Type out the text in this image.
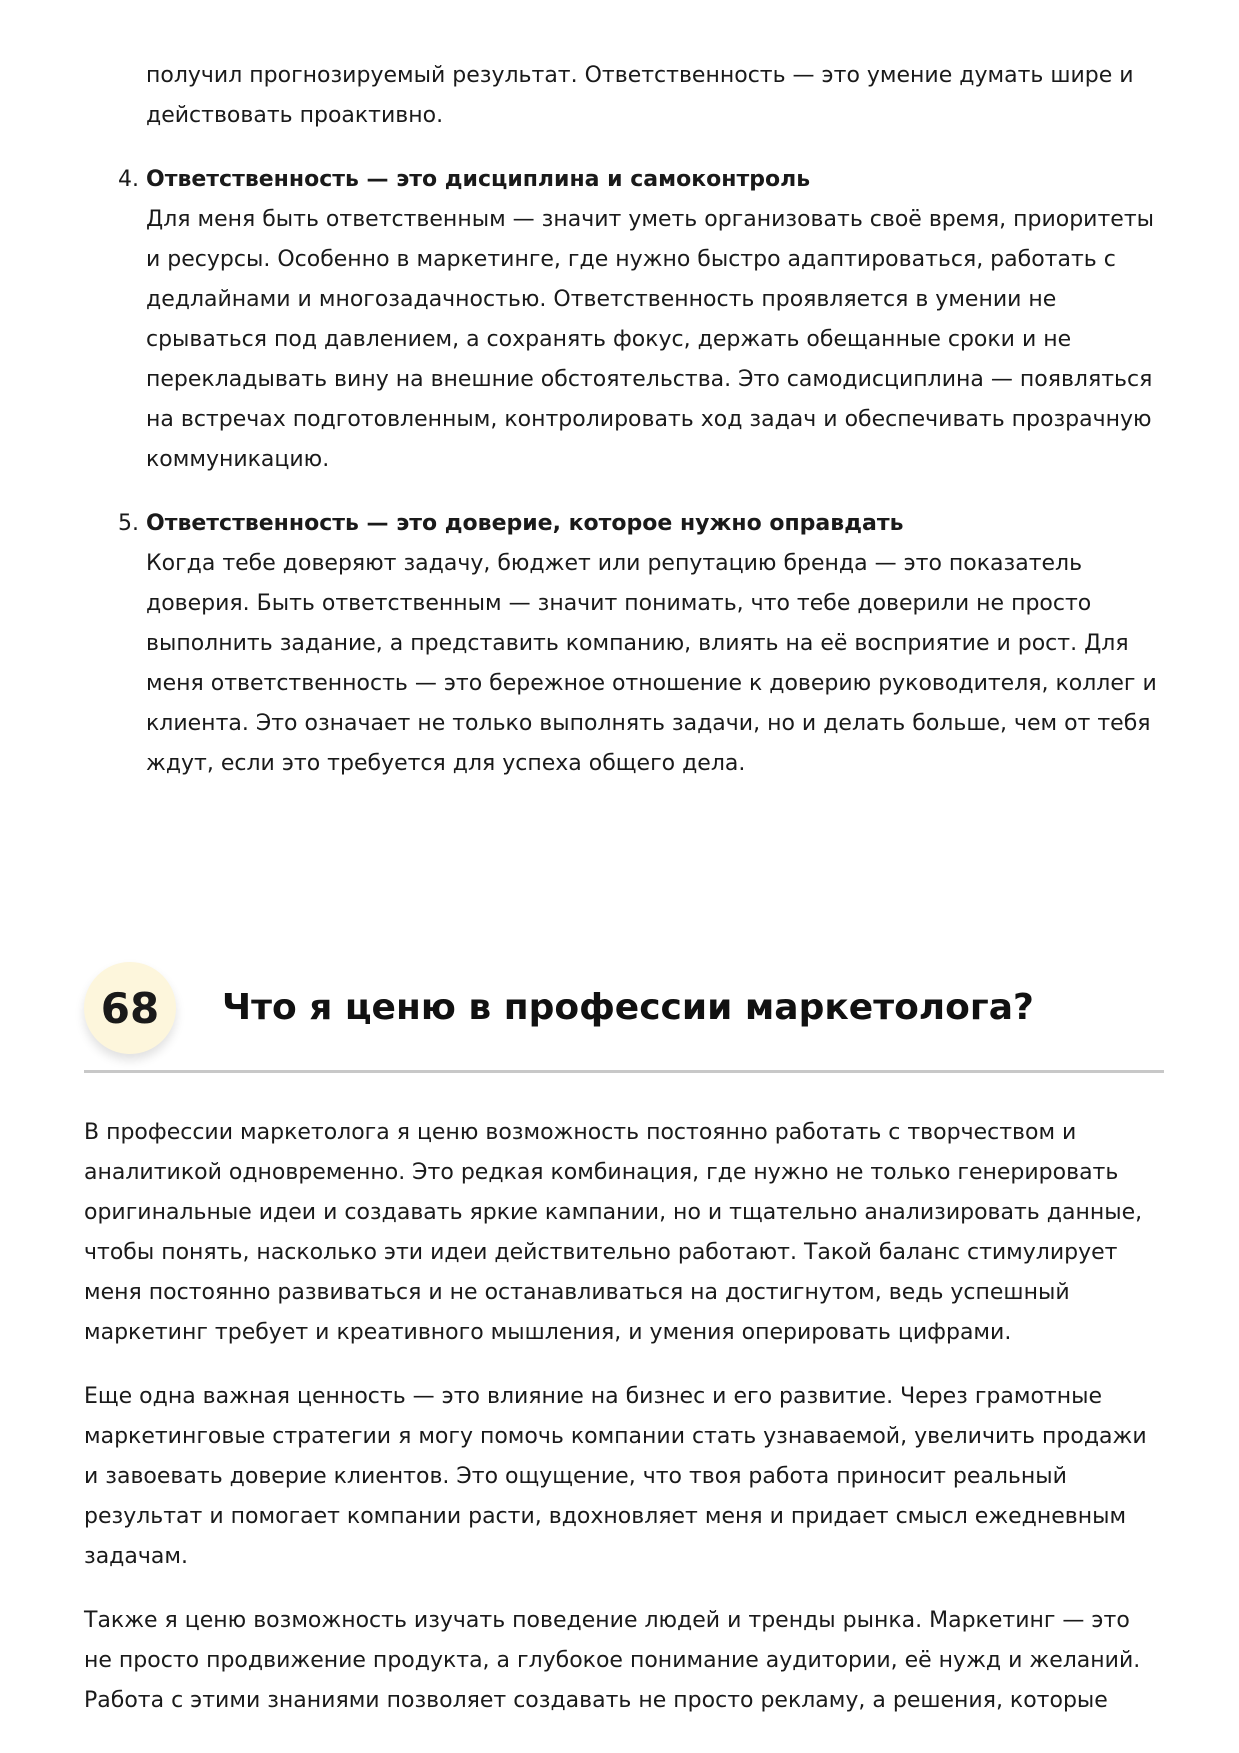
получил прогнозируемый результат. Ответственность — это умение думать шире и действовать проактивно.

4. Ответственность — это дисциплина и самоконтроль

Для меня быть ответственным — значит уметь организовать своё время, приоритеты и ресурсы. Особенно в маркетинге, где нужно быстро адаптироваться, работать с дедлайнами и многозадачностью. Ответственность проявляется в умении не срываться под давлением, а сохранять фокус, держать обещанные сроки и не перекладывать вину на внешние обстоятельства. Это самодисциплина — появляться на встречах подготовленным, контролировать ход задач и обеспечивать прозрачную коммуникацию.

5. Ответственность — это доверие, которое нужно оправдать

Когда тебе доверяют задачу, бюджет или репутацию бренда — это показатель доверия. Быть ответственным — значит понимать, что тебе доверили не просто выполнить задание, а представить компанию, влиять на её восприятие и рост. Для меня ответственность — это бережное отношение к доверию руководителя, коллег и клиента. Это означает не только выполнять задачи, но и делать больше, чем от тебя ждут, если это требуется для успеха общего дела.

68	Что я ценю в профессии маркетолога?

В профессии маркетолога я ценю возможность постоянно работать с творчеством и аналитикой одновременно. Это редкая комбинация, где нужно не только генерировать оригинальные идеи и создавать яркие кампании, но и тщательно анализировать данные, чтобы понять, насколько эти идеи действительно работают. Такой баланс стимулирует меня постоянно развиваться и не останавливаться на достигнутом, ведь успешный маркетинг требует и креативного мышления, и умения оперировать цифрами.

Еще одна важная ценность — это влияние на бизнес и его развитие. Через грамотные маркетинговые стратегии я могу помочь компании стать узнаваемой, увеличить продажи и завоевать доверие клиентов. Это ощущение, что твоя работа приносит реальный результат и помогает компании расти, вдохновляет меня и придает смысл ежедневным задачам.

Также я ценю возможность изучать поведение людей и тренды рынка. Маркетинг — это не просто продвижение продукта, а глубокое понимание аудитории, её нужд и желаний. Работа с этими знаниями позволяет создавать не просто рекламу, а решения, которые
